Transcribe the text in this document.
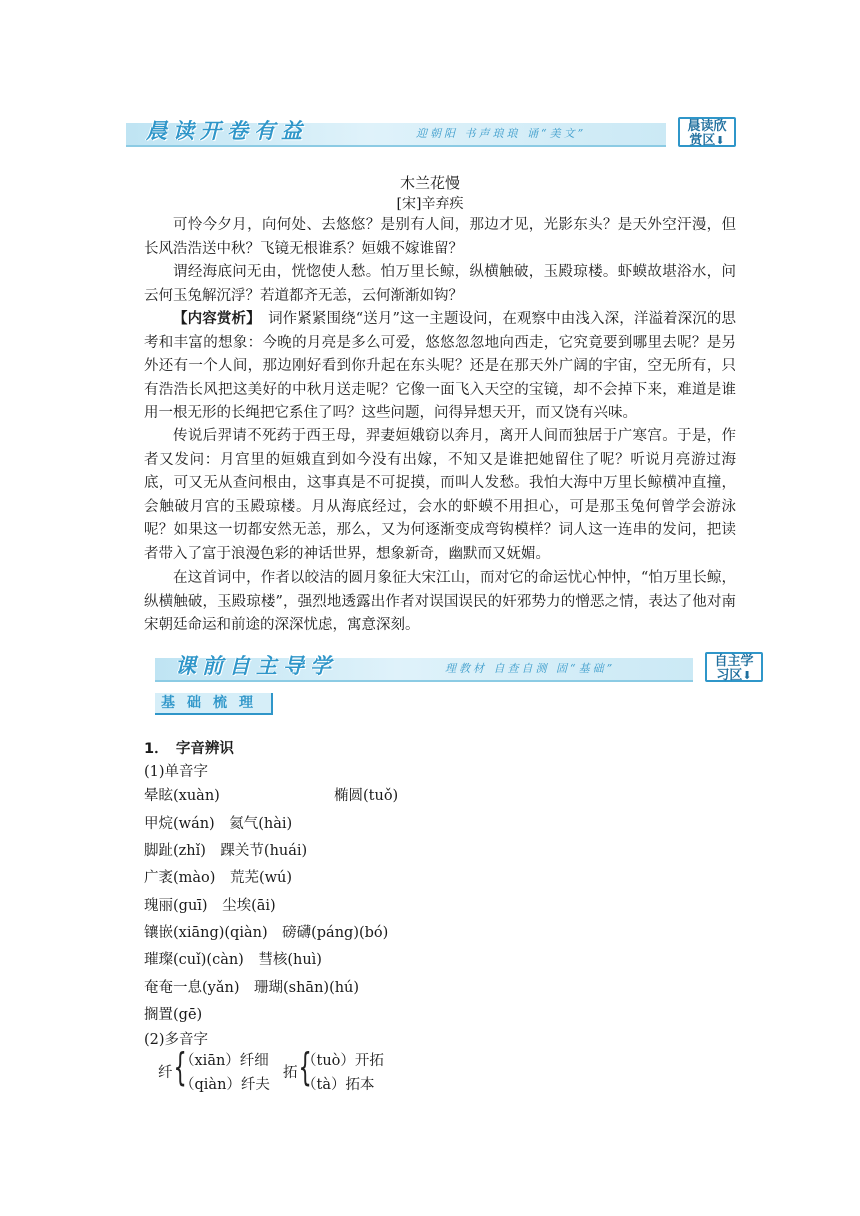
晨读开卷有益	迎朝阳 书声琅琅 诵“美文”	晨读欣
赏区⬇
木兰花慢
[宋]辛弃疾

可怜今夕月，向何处、去悠悠？是别有人间，那边才见，光影东头？是天外空汗漫，但长风浩浩送中秋？飞镜无根谁系？姮娥不嫁谁留？

谓经海底问无由，恍惚使人愁。怕万里长鲸，纵横触破，玉殿琼楼。虾蟆故堪浴水，问云何玉兔解沉浮？若道都齐无恙，云何渐渐如钩？

【内容赏析】　 词作紧紧围绕“送月”这一主题设问，在观察中由浅入深，洋溢着深沉的思考和丰富的想象：今晚的月亮是多么可爱，悠悠忽忽地向西走，它究竟要到哪里去呢？是另外还有一个人间，那边刚好看到你升起在东头呢？还是在那天外广阔的宇宙，空无所有，只有浩浩长风把这美好的中秋月送走呢？它像一面飞入天空的宝镜，却不会掉下来，难道是谁用一根无形的长绳把它系住了吗？这些问题，问得异想天开，而又饶有兴味。

传说后羿请不死药于西王母，羿妻姮娥窃以奔月，离开人间而独居于广寒宫。于是，作者又发问：月宫里的姮娥直到如今没有出嫁，不知又是谁把她留住了呢？听说月亮游过海底，可又无从查问根由，这事真是不可捉摸，而叫人发愁。我怕大海中万里长鲸横冲直撞，会触破月宫的玉殿琼楼。月从海底经过，会水的虾蟆不用担心，可是那玉兔何曾学会游泳呢？如果这一切都安然无恙，那么，又为何逐渐变成弯钩模样？词人这一连串的发问，把读者带入了富于浪漫色彩的神话世界，想象新奇，幽默而又妩媚。

在这首词中，作者以皎洁的圆月象征大宋江山，而对它的命运忧心忡忡，“怕万里长鲸，纵横触破，玉殿琼楼”，强烈地透露出作者对误国误民的奸邪势力的憎恶之情，表达了他对南宋朝廷命运和前途的深深忧虑，寓意深刻。

课前自主导学	理教材 自查自测 固“基础”	自主学
习区⬇
基础梳理
1．　字音辨识
(1)单音字
晕眩(xuàn)	椭圆(tuǒ)
甲烷(wán)　氦气(hài)
脚趾(zhǐ)　踝关节(huái)
广袤(mào)　荒芜(wú)
瑰丽(guī)　尘埃(āi)
镶嵌(xiāng)(qiàn)　磅礴(páng)(bó)
璀璨(cuǐ)(càn)　彗核(huì)
奄奄一息(yǎn)　珊瑚(shān)(hú)
搁置(gē)
(2)多音字
纤 {
（xiān）纤细
（qiàn）纤夫
拓 {
（tuò）开拓
（tà）拓本
